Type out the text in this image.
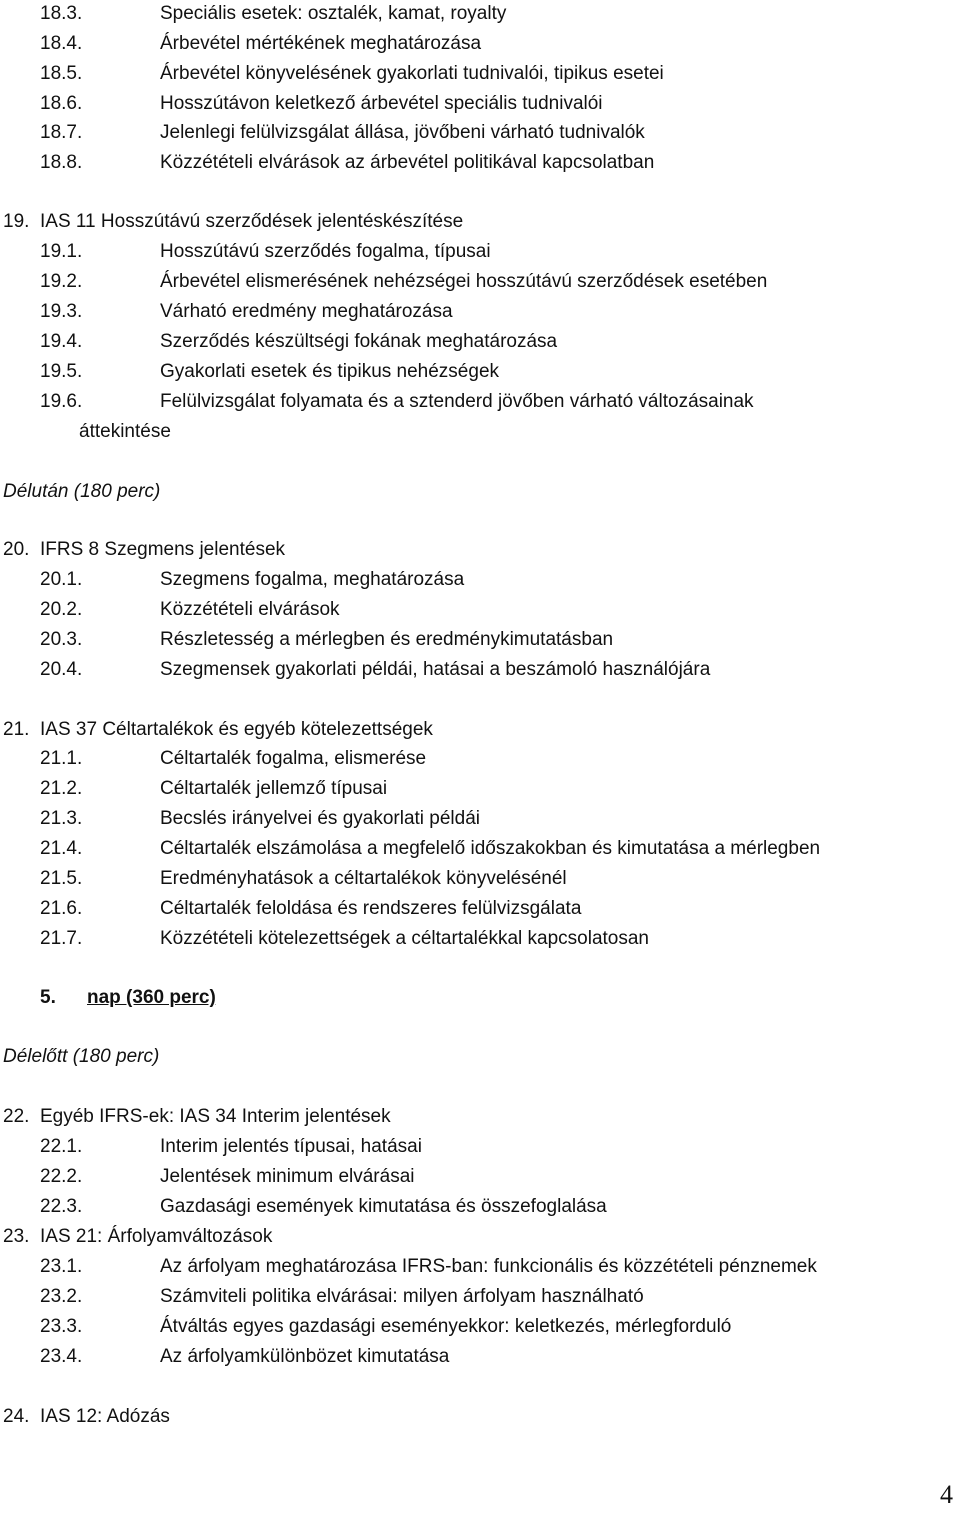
18.3.	Speciális esetek: osztalék, kamat, royalty
18.4.	Árbevétel mértékének meghatározása
18.5.	Árbevétel könyvelésének gyakorlati tudnivalói, tipikus esetei
18.6.	Hosszútávon keletkező árbevétel speciális tudnivalói
18.7.	Jelenlegi felülvizsgálat állása, jövőbeni várható tudnivalók
18.8.	Közzétételi elvárások az árbevétel politikával kapcsolatban
19. IAS 11 Hosszútávú szerződések jelentéskészítése
19.1.	Hosszútávú szerződés fogalma, típusai
19.2.	Árbevétel elismerésének nehézségei hosszútávú szerződések esetében
19.3.	Várható eredmény meghatározása
19.4.	Szerződés készültségi fokának meghatározása
19.5.	Gyakorlati esetek és tipikus nehézségek
19.6.	Felülvizsgálat folyamata és a sztenderd jövőben várható változásainak
áttekintése
Délután (180 perc)
20. IFRS 8 Szegmens jelentések
20.1.	Szegmens fogalma, meghatározása
20.2.	Közzétételi elvárások
20.3.	Részletesség a mérlegben és eredménykimutatásban
20.4.	Szegmensek gyakorlati példái, hatásai a beszámoló használójára
21. IAS 37 Céltartalékok és egyéb kötelezettségek
21.1.	Céltartalék fogalma, elismerése
21.2.	Céltartalék jellemző típusai
21.3.	Becslés irányelvei és gyakorlati példái
21.4.	Céltartalék elszámolása a megfelelő időszakokban és kimutatása a mérlegben
21.5.	Eredményhatások a céltartalékok könyvelésénél
21.6.	Céltartalék feloldása és rendszeres felülvizsgálata
21.7.	Közzétételi kötelezettségek a céltartalékkal kapcsolatosan
5. nap (360 perc)
Délelőtt (180 perc)
22. Egyéb IFRS-ek: IAS 34 Interim jelentések
22.1.	Interim jelentés típusai, hatásai
22.2.	Jelentések minimum elvárásai
22.3.	Gazdasági események kimutatása és összefoglalása
23. IAS 21: Árfolyamváltozások
23.1.	Az árfolyam meghatározása IFRS-ban: funkcionális és közzétételi pénznemek
23.2.	Számviteli politika elvárásai: milyen árfolyam használható
23.3.	Átváltás egyes gazdasági eseményekkor: keletkezés, mérlegforduló
23.4.	Az árfolyamkülönbözet kimutatása
24. IAS 12: Adózás
4
